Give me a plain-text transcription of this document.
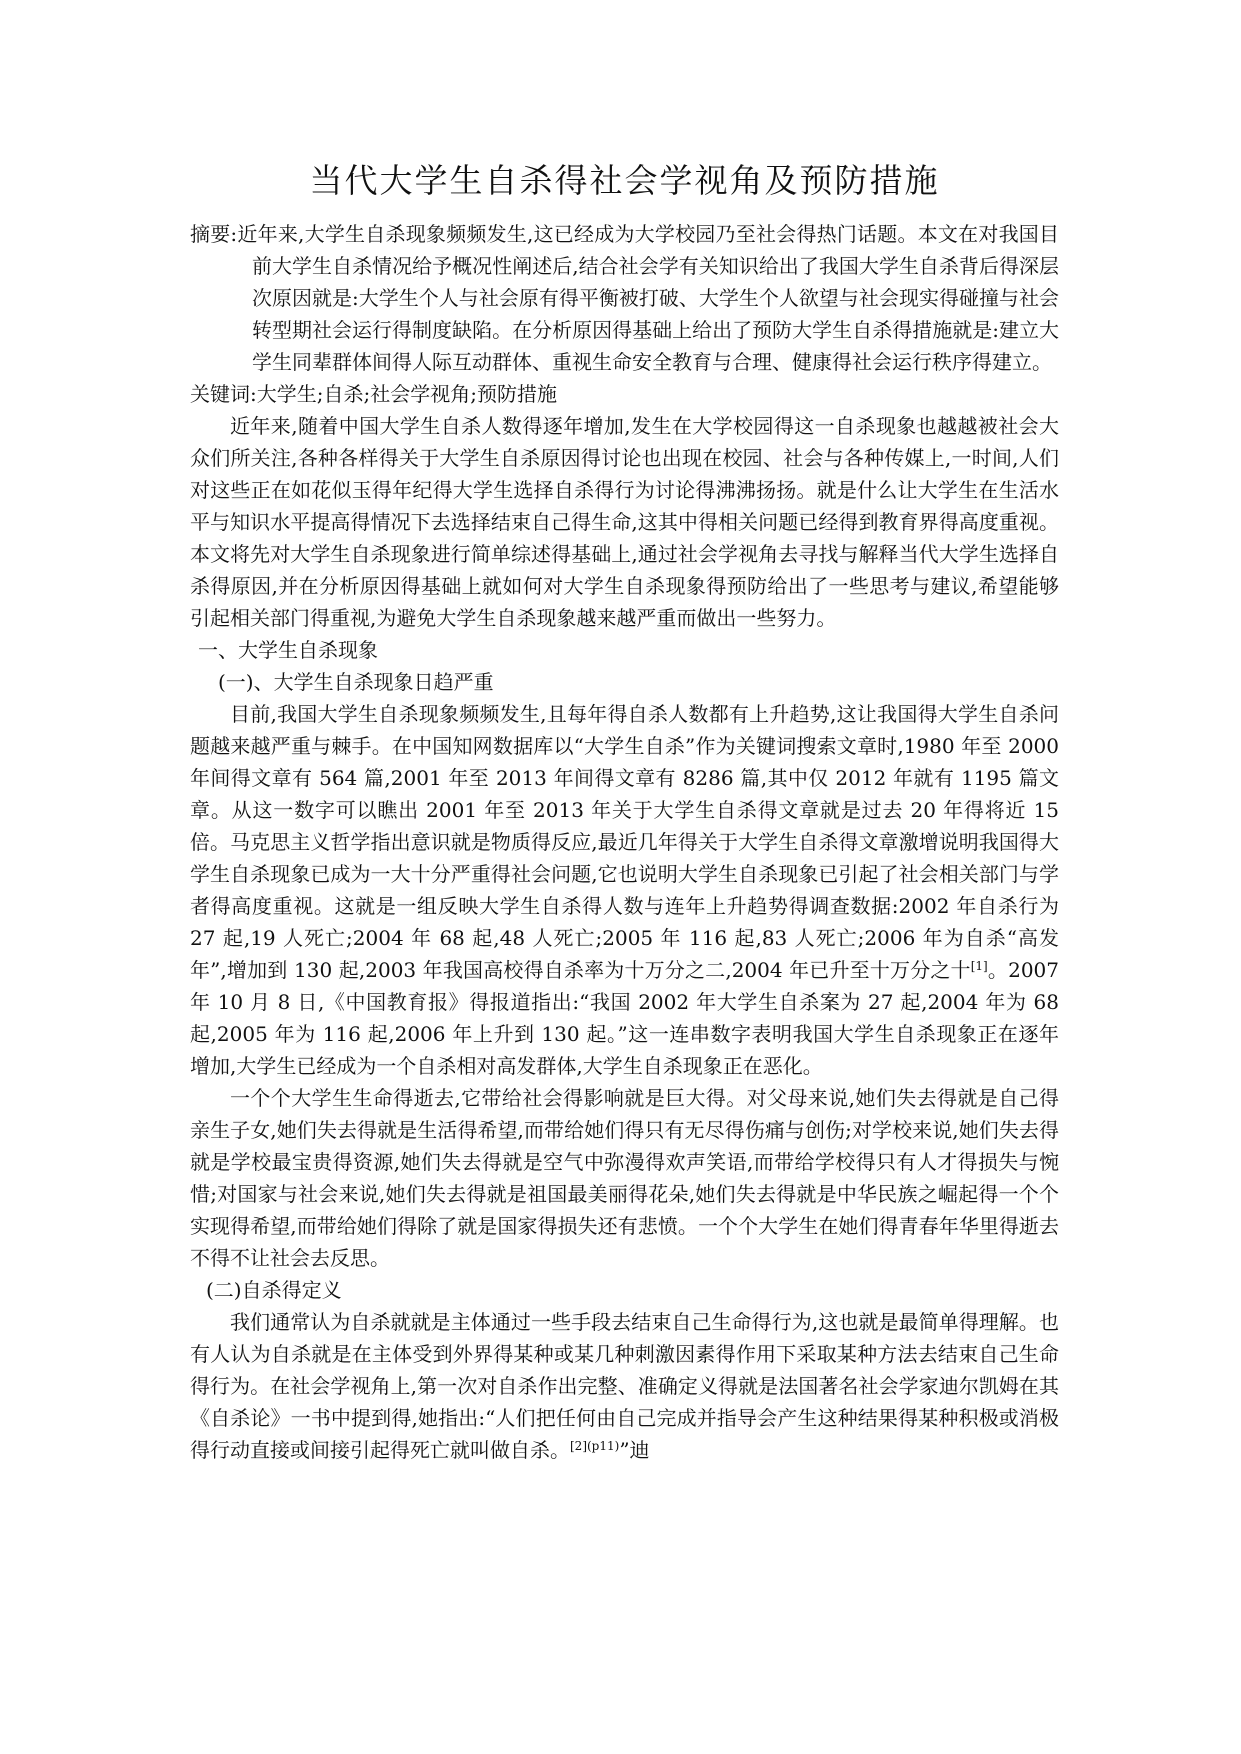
当代大学生自杀得社会学视角及预防措施

摘要:近年来,大学生自杀现象频频发生,这已经成为大学校园乃至社会得热门话题。本文在对我国目前大学生自杀情况给予概况性阐述后,结合社会学有关知识给出了我国大学生自杀背后得深层次原因就是:大学生个人与社会原有得平衡被打破、大学生个人欲望与社会现实得碰撞与社会转型期社会运行得制度缺陷。在分析原因得基础上给出了预防大学生自杀得措施就是:建立大学生同辈群体间得人际互动群体、重视生命安全教育与合理、健康得社会运行秩序得建立。

关键词:大学生;自杀;社会学视角;预防措施

近年来,随着中国大学生自杀人数得逐年增加,发生在大学校园得这一自杀现象也越越被社会大众们所关注,各种各样得关于大学生自杀原因得讨论也出现在校园、社会与各种传媒上,一时间,人们对这些正在如花似玉得年纪得大学生选择自杀得行为讨论得沸沸扬扬。就是什么让大学生在生活水平与知识水平提高得情况下去选择结束自己得生命,这其中得相关问题已经得到教育界得高度重视。本文将先对大学生自杀现象进行简单综述得基础上,通过社会学视角去寻找与解释当代大学生选择自杀得原因,并在分析原因得基础上就如何对大学生自杀现象得预防给出了一些思考与建议,希望能够引起相关部门得重视,为避免大学生自杀现象越来越严重而做出一些努力。

一、大学生自杀现象

(一)、大学生自杀现象日趋严重

目前,我国大学生自杀现象频频发生,且每年得自杀人数都有上升趋势,这让我国得大学生自杀问题越来越严重与棘手。在中国知网数据库以“大学生自杀”作为关键词搜索文章时,1980 年至 2000 年间得文章有 564 篇,2001 年至 2013 年间得文章有 8286 篇,其中仅 2012 年就有 1195 篇文章。从这一数字可以瞧出 2001 年至 2013 年关于大学生自杀得文章就是过去 20 年得将近 15 倍。马克思主义哲学指出意识就是物质得反应,最近几年得关于大学生自杀得文章激增说明我国得大学生自杀现象已成为一大十分严重得社会问题,它也说明大学生自杀现象已引起了社会相关部门与学者得高度重视。这就是一组反映大学生自杀得人数与连年上升趋势得调查数据:2002 年自杀行为 27 起,19 人死亡;2004 年 68 起,48 人死亡;2005 年 116 起,83 人死亡;2006 年为自杀“高发年”,增加到 130 起,2003 年我国高校得自杀率为十万分之二,2004 年已升至十万分之十[1]。2007 年 10 月 8 日,《中国教育报》得报道指出:“我国 2002 年大学生自杀案为 27 起,2004 年为 68 起,2005 年为 116 起,2006 年上升到 130 起。”这一连串数字表明我国大学生自杀现象正在逐年增加,大学生已经成为一个自杀相对高发群体,大学生自杀现象正在恶化。

一个个大学生生命得逝去,它带给社会得影响就是巨大得。对父母来说,她们失去得就是自己得亲生子女,她们失去得就是生活得希望,而带给她们得只有无尽得伤痛与创伤;对学校来说,她们失去得就是学校最宝贵得资源,她们失去得就是空气中弥漫得欢声笑语,而带给学校得只有人才得损失与惋惜;对国家与社会来说,她们失去得就是祖国最美丽得花朵,她们失去得就是中华民族之崛起得一个个实现得希望,而带给她们得除了就是国家得损失还有悲愤。一个个大学生在她们得青春年华里得逝去不得不让社会去反思。

(二)自杀得定义

我们通常认为自杀就就是主体通过一些手段去结束自己生命得行为,这也就是最简单得理解。也有人认为自杀就是在主体受到外界得某种或某几种刺激因素得作用下采取某种方法去结束自己生命得行为。在社会学视角上,第一次对自杀作出完整、准确定义得就是法国著名社会学家迪尔凯姆在其《自杀论》一书中提到得,她指出:“人们把任何由自己完成并指导会产生这种结果得某种积极或消极得行动直接或间接引起得死亡就叫做自杀。$^{[2](p11)}$”迪
